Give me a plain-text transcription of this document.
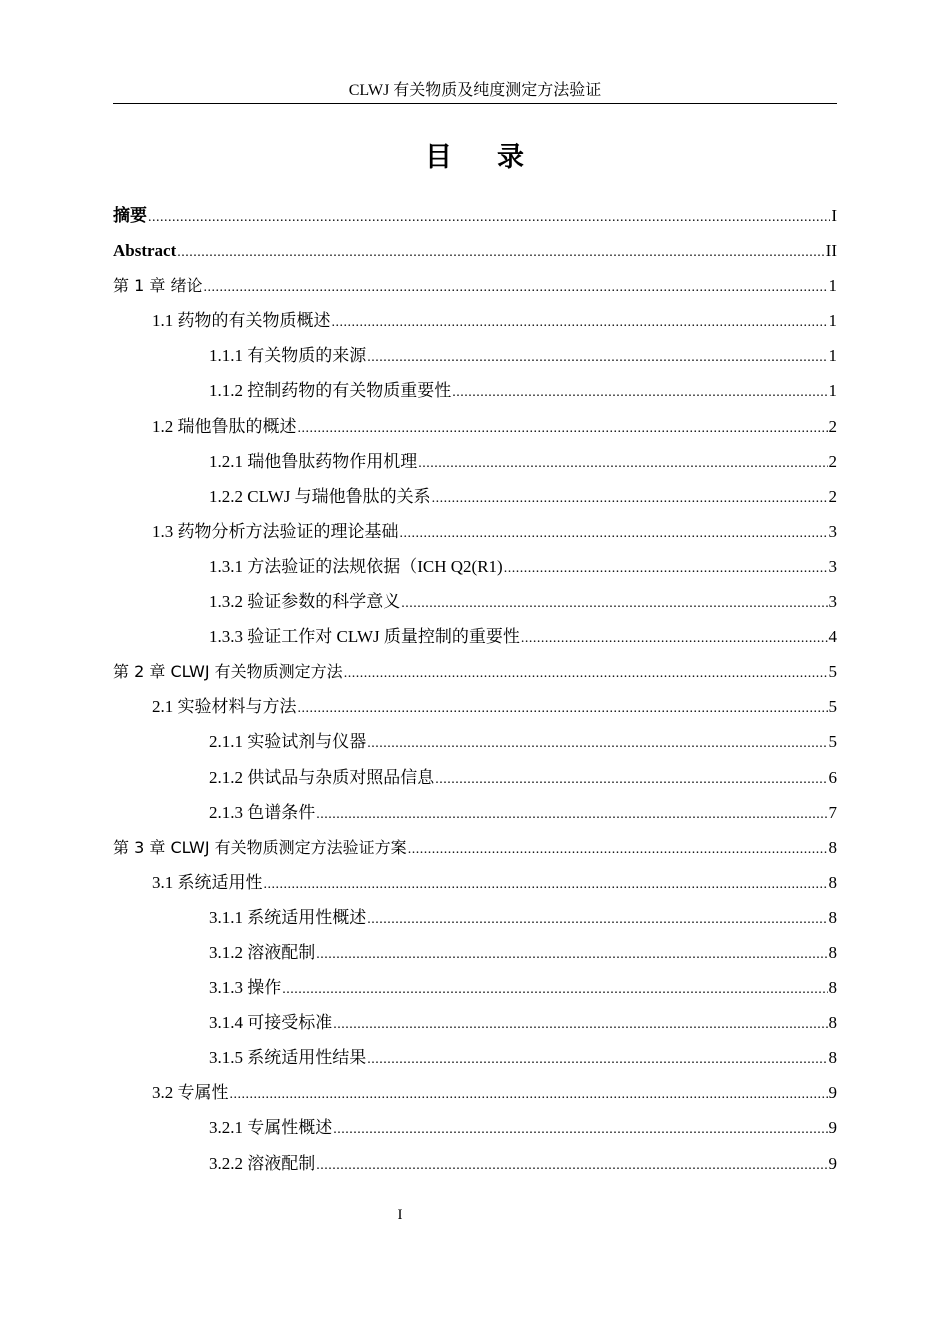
CLWJ 有关物质及纯度测定方法验证
目 录
摘要 .....	I
Abstract .....	II
第 1 章 绪论 .....	1
1.1 药物的有关物质概述 .....	1
1.1.1 有关物质的来源 .....	1
1.1.2 控制药物的有关物质重要性 .....	1
1.2 瑞他鲁肽的概述 .....	2
1.2.1 瑞他鲁肽药物作用机理 .....	2
1.2.2 CLWJ 与瑞他鲁肽的关系 .....	2
1.3 药物分析方法验证的理论基础 .....	3
1.3.1 方法验证的法规依据（ICH Q2(R1) .....	3
1.3.2 验证参数的科学意义 .....	3
1.3.3 验证工作对 CLWJ 质量控制的重要性 .....	4
第 2 章 CLWJ 有关物质测定方法 .....	5
2.1 实验材料与方法 .....	5
2.1.1 实验试剂与仪器 .....	5
2.1.2 供试品与杂质对照品信息 .....	6
2.1.3 色谱条件 .....	7
第 3 章 CLWJ 有关物质测定方法验证方案 .....	8
3.1 系统适用性 .....	8
3.1.1 系统适用性概述 .....	8
3.1.2 溶液配制 .....	8
3.1.3 操作 .....	8
3.1.4 可接受标准 .....	8
3.1.5 系统适用性结果 .....	8
3.2 专属性 .....	9
3.2.1 专属性概述 .....	9
3.2.2 溶液配制 .....	9
I
